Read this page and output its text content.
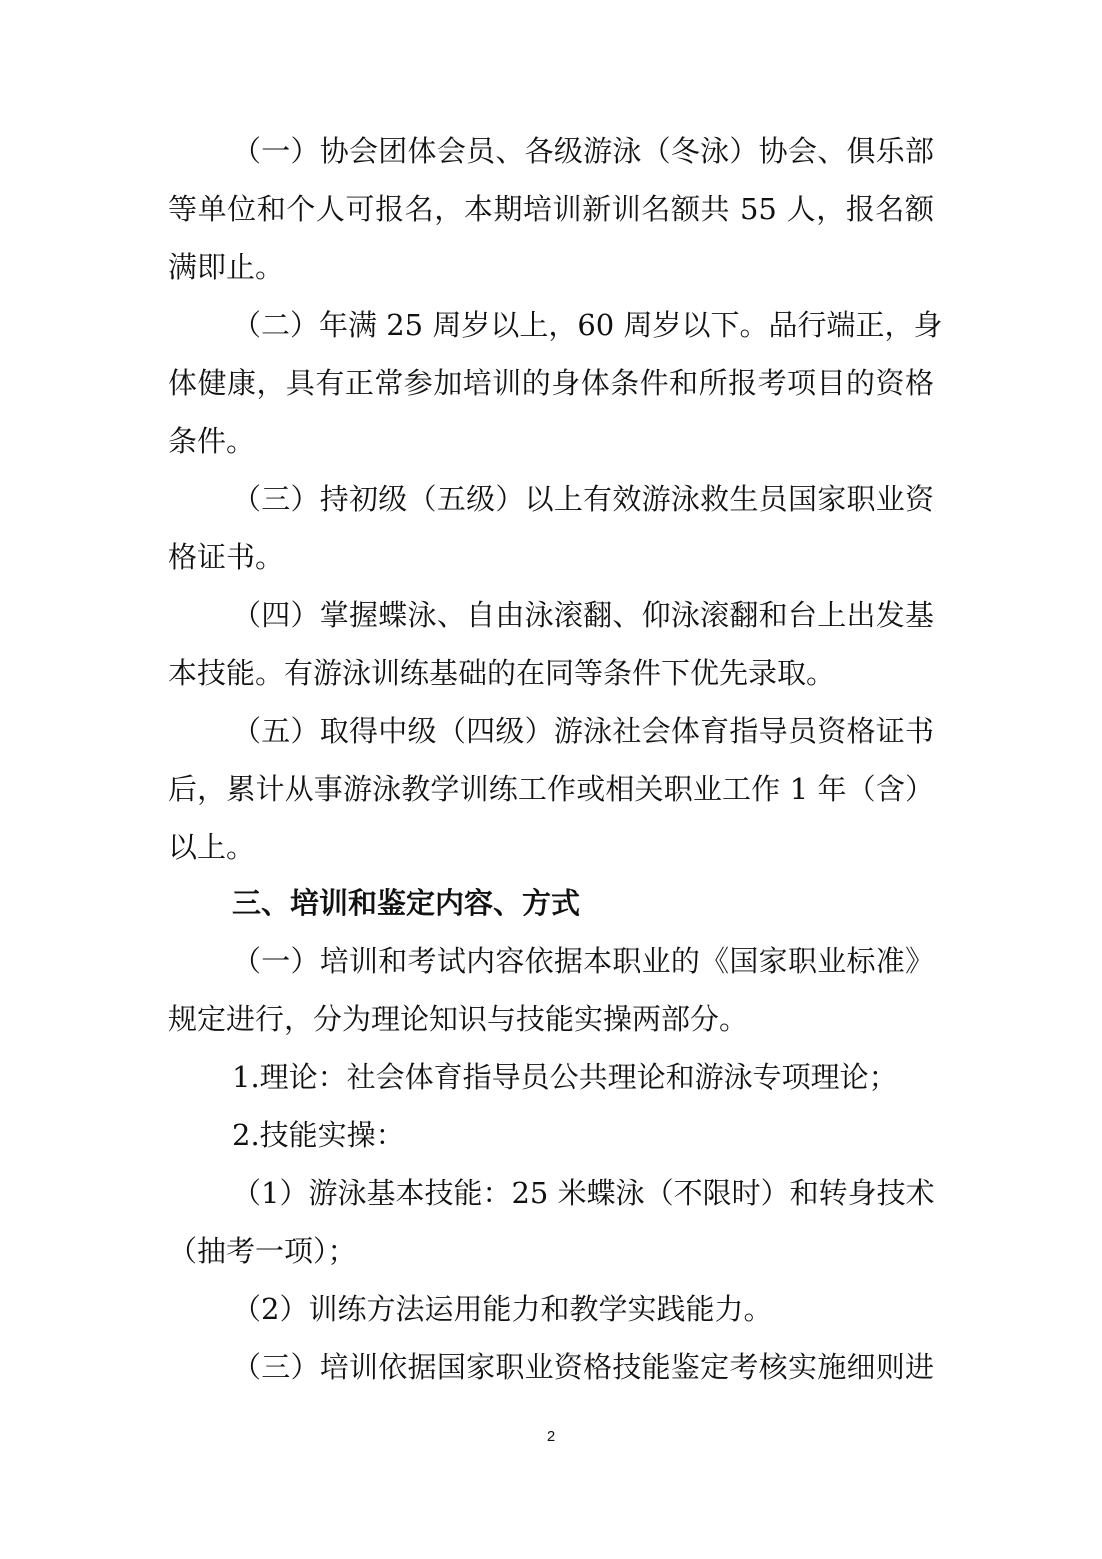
（一）协会团体会员、各级游泳（冬泳）协会、俱乐部
等单位和个人可报名，本期培训新训名额共 55 人，报名额
满即止。
（二）年满 25 周岁以上，60 周岁以下。品行端正，身
体健康，具有正常参加培训的身体条件和所报考项目的资格
条件。
（三）持初级（五级）以上有效游泳救生员国家职业资
格证书。
（四）掌握蝶泳、自由泳滚翻、仰泳滚翻和台上出发基
本技能。有游泳训练基础的在同等条件下优先录取。
（五）取得中级（四级）游泳社会体育指导员资格证书
后，累计从事游泳教学训练工作或相关职业工作 1 年（含）
以上。
三、培训和鉴定内容、方式
（一）培训和考试内容依据本职业的《国家职业标准》
规定进行，分为理论知识与技能实操两部分。
1.理论：社会体育指导员公共理论和游泳专项理论；
2.技能实操：
（1）游泳基本技能：25 米蝶泳（不限时）和转身技术
（抽考一项）；
（2）训练方法运用能力和教学实践能力。
（三）培训依据国家职业资格技能鉴定考核实施细则进
2
